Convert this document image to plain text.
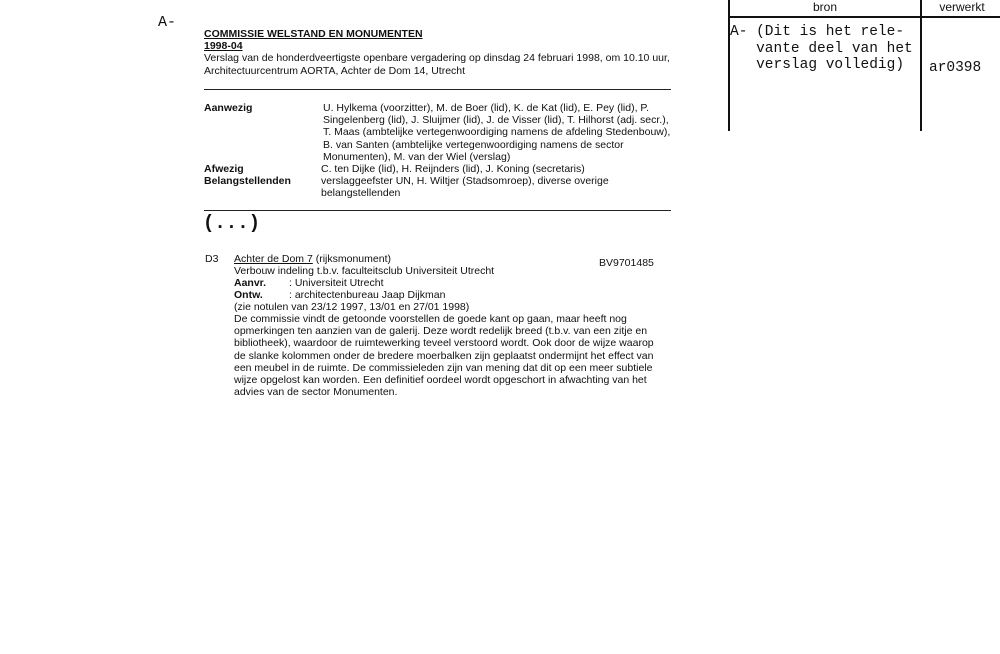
A-
COMMISSIE WELSTAND EN MONUMENTEN
1998-04
Verslag van de honderdveertigste openbare vergadering op dinsdag 24 februari 1998, om 10.10 uur, Architectuurcentrum AORTA, Achter de Dom 14, Utrecht
Aanwezig	U. Hylkema (voorzitter), M. de Boer (lid), K. de Kat (lid), E. Pey (lid), P. Singelenberg (lid), J. Sluijmer (lid), J. de Visser (lid), T. Hilhorst (adj. secr.), T. Maas (ambtelijke vertegenwoordiging namens de afdeling Stedenbouw), B. van Santen (ambtelijke vertegenwoordiging namens de sector Monumenten), M. van der Wiel (verslag)
Afwezig	C. ten Dijke (lid), H. Reijnders (lid), J. Koning (secretaris)
Belangstellenden	verslaggeefster UN, H. Wiltjer (Stadsomroep), diverse overige belangstellenden
(...)
D3 Achter de Dom 7 (rijksmonument)	BV9701485
Verbouw indeling t.b.v. faculteitsclub Universiteit Utrecht
Aanvr. : Universiteit Utrecht
Ontw. : architectenbureau Jaap Dijkman
(zie notulen van 23/12 1997, 13/01 en 27/01 1998)
De commissie vindt de getoonde voorstellen de goede kant op gaan, maar heeft nog opmerkingen ten aanzien van de galerij. Deze wordt redelijk breed (t.b.v. van een zitje en bibliotheek), waardoor de ruimtewerking teveel verstoord wordt. Ook door de wijze waarop de slanke kolommen onder de bredere moerbalken zijn geplaatst ondermijnt het effect van een meubel in de ruimte. De commissieleden zijn van mening dat dit op een meer subtiele wijze opgelost kan worden. Een definitief oordeel wordt opgeschort in afwachting van het advies van de sector Monumenten.
bron	verwerkt
A- (Dit is het rele-
vante deel van het
verslag volledig)	ar0398
